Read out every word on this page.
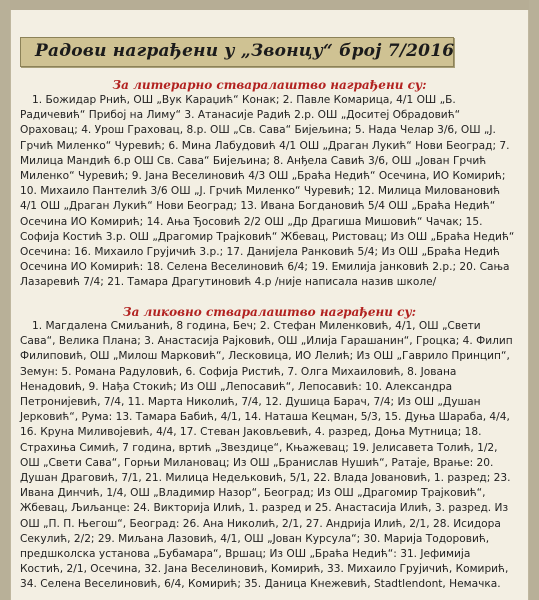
Радови награђени у „Звонцу“ број 7/2016
За литерарно стваралаштво награђени су:

1. Божидар Рнић, ОШ „Вук Караџић“ Конак; 2. Павле Комарица, 4/1 ОШ „Б. Радичевић“ Прибој на Лиму“ 3. Атанасије Радић 2.р. ОШ „Доситеј Обрадовић“ Ораховац; 4. Урош Граховац, 8.р. ОШ „Св. Сава“ Бијељина; 5. Нада Челар 3/6, ОШ „Ј. Грчић Миленко“ Чуревић; 6. Мина Лабудовић 4/1 ОШ „Драган Лукић“ Нови Београд; 7. Милица Мандић 6.р ОШ Св. Сава“ Бијељина; 8. Анђела Савић 3/6, ОШ „Јован Грчић Миленко“ Чуревић; 9. Јана Веселиновић 4/3 ОШ „Браћа Недић“ Осечина, ИО Комирић; 10. Михаило Пантелић 3/6 ОШ „Ј. Грчић Миленко“ Чуревић; 12. Милица Миловановић 4/1 ОШ „Драган Лукић“ Нови Београд; 13. Ивана Богдановић 5/4 ОШ „Браћа Недић“ Осечина ИО Комирић; 14. Ања Ђосовић 2/2 ОШ „Др Драгиша Мишовић“ Чачак; 15. Софија Костић 3.р. ОШ „Драгомир Трајковић“ Жбевац, Ристовац; Из ОШ „Браћа Недић“ Осечина: 16. Михаило Грујичић 3.р.; 17. Данијела Ранковић 5/4; Из ОШ „Браћа Недић Осечина ИО Комирић: 18. Селена Веселиновић 6/4; 19. Емилија јанковић 2.р.; 20. Сања Лазаревић 7/4; 21. Тамара Драгутиновић 4.р /није написала назив школе/

За ликовно стваралаштво награђени су:

1. Магдалена Смиљанић, 8 година, Беч; 2. Стефан Миленковић, 4/1, ОШ „Свети Сава“, Велика Плана; 3. Анастасија Рајковић, ОШ „Илија Гарашанин“, Гроцка; 4. Филип Филиповић, ОШ „Милош Марковић“, Лесковица, ИО Лелић; Из ОШ „Гаврило Принцип“, Земун: 5. Романа Радуловић, 6. Софија Ристић, 7. Олга Михаиловић, 8. Јована Ненадовић, 9. Нађа Стокић; Из ОШ „Лепосавић“, Лепосавић: 10. Александра Петронијевић, 7/4, 11. Марта Николић, 7/4, 12. Душица Барач, 7/4; Из ОШ „Душан Јерковић“, Рума: 13. Тамара Бабић, 4/1, 14. Наташа Кецман, 5/3, 15. Дуња Шараба, 4/4, 16. Круна Миливојевић, 4/4, 17. Стеван Јаковљевић, 4. разред, Доња Мутница; 18. Страхиња Симић, 7 година, вртић „Звездице“, Књажевац; 19. Јелисавета Толић, 1/2, ОШ „Свети Сава“, Горњи Милановац; Из ОШ „Бранислав Нушић“, Ратаје, Врање: 20. Душан Драговић, 7/1, 21. Милица Недељковић, 5/1, 22. Влада Јовановић, 1. разред; 23. Ивана Динчић, 1/4, ОШ „Владимир Назор“, Београд; Из ОШ „Драгомир Трајковић“, Жбевац, Љиљанце: 24. Викторија Илић, 1. разред и 25. Анастасија Илић, 3. разред. Из ОШ „П. П. Његош“, Београд: 26. Ана Николић, 2/1, 27. Андрија Илић, 2/1, 28. Исидора Секулић, 2/2; 29. Миљана Лазовић, 4/1, ОШ „Јован Курсула“; 30. Марија Тодоровић, предшколска установа „Бубамара“, Вршац; Из ОШ „Браћа Недић“: 31. Јефимија Костић, 2/1, Осечина, 32. Јана Веселиновић, Комирић, 33. Михаило Грујичић, Комирић, 34. Селена Веселиновић, 6/4, Комирић; 35. Даница Кнежевић, Stadtlendont, Немачка.
